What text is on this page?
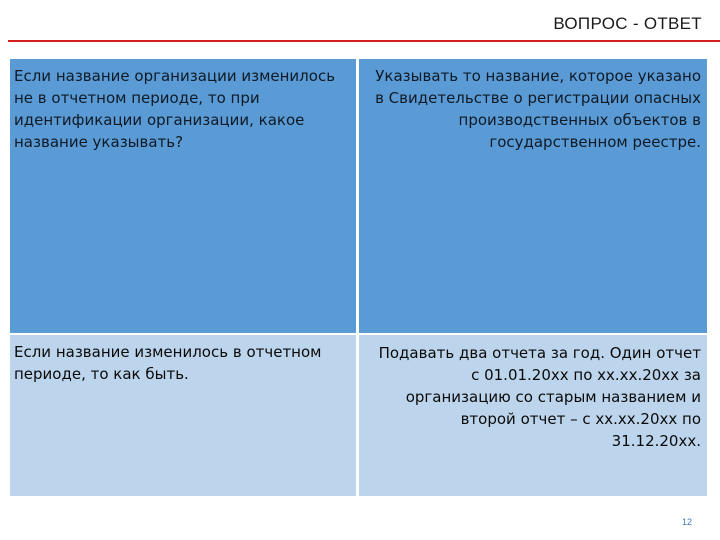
ВОПРОС - ОТВЕТ
Если название организации изменилось не в отчетном периоде, то при идентификации организации, какое название указывать?
Указывать то название, которое указано в Свидетельстве о регистрации опасных производственных объектов в государственном реестре.
Если название изменилось в отчетном периоде, то как быть.
Подавать два отчета за год. Один отчет с 01.01.20хх по хх.хх.20хх за организацию со старым названием и второй отчет – с хх.хх.20хх по 31.12.20хх.
12
